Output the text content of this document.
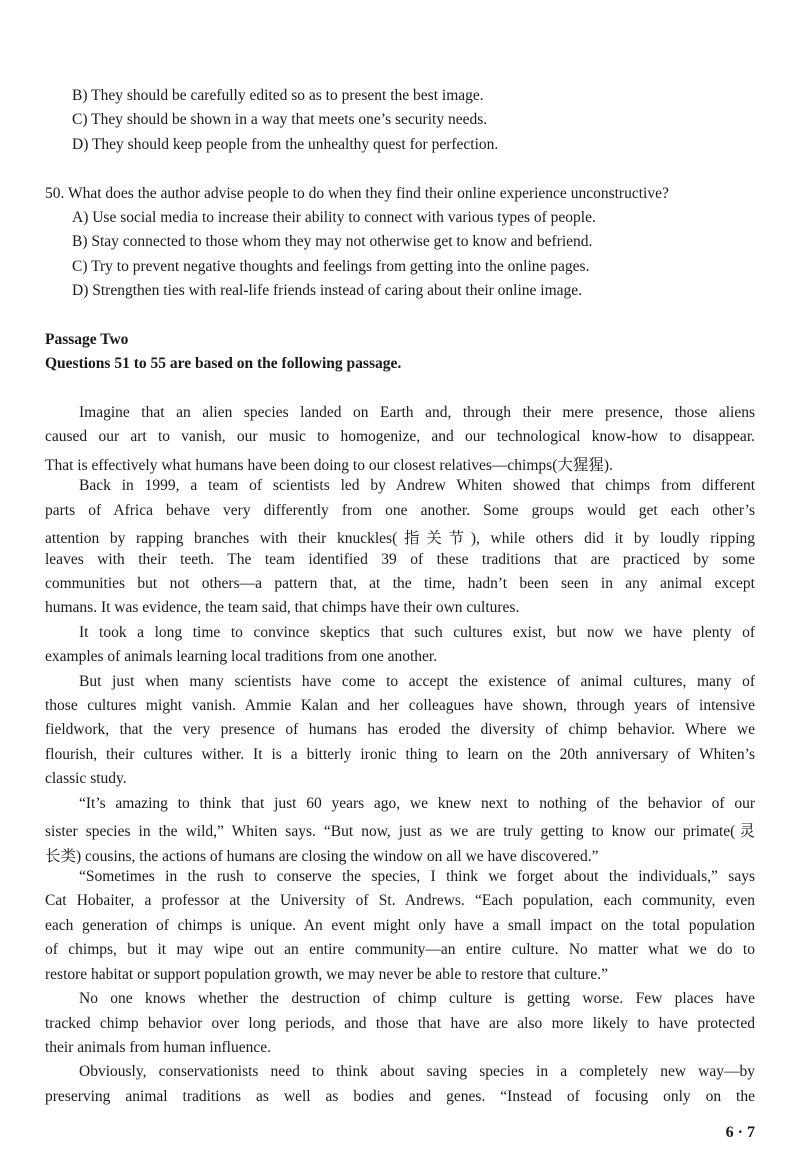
B) They should be carefully edited so as to present the best image.
C) They should be shown in a way that meets one’s security needs.
D) They should keep people from the unhealthy quest for perfection.
50. What does the author advise people to do when they find their online experience unconstructive?
A) Use social media to increase their ability to connect with various types of people.
B) Stay connected to those whom they may not otherwise get to know and befriend.
C) Try to prevent negative thoughts and feelings from getting into the online pages.
D) Strengthen ties with real-life friends instead of caring about their online image.
Passage Two
Questions 51 to 55 are based on the following passage.
Imagine that an alien species landed on Earth and, through their mere presence, those aliens
caused our art to vanish, our music to homogenize, and our technological know-how to disappear.
That is effectively what humans have been doing to our closest relatives—chimps(大猩猩).
Back in 1999, a team of scientists led by Andrew Whiten showed that chimps from different
parts of Africa behave very differently from one another. Some groups would get each other’s
attention by rapping branches with their knuckles(指关节), while others did it by loudly ripping
leaves with their teeth. The team identified 39 of these traditions that are practiced by some
communities but not others—a pattern that, at the time, hadn’t been seen in any animal except
humans. It was evidence, the team said, that chimps have their own cultures.
It took a long time to convince skeptics that such cultures exist, but now we have plenty of
examples of animals learning local traditions from one another.
But just when many scientists have come to accept the existence of animal cultures, many of
those cultures might vanish. Ammie Kalan and her colleagues have shown, through years of intensive
fieldwork, that the very presence of humans has eroded the diversity of chimp behavior. Where we
flourish, their cultures wither. It is a bitterly ironic thing to learn on the 20th anniversary of Whiten’s
classic study.
“It’s amazing to think that just 60 years ago, we knew next to nothing of the behavior of our
sister species in the wild,” Whiten says. “But now, just as we are truly getting to know our primate(灵
长类) cousins, the actions of humans are closing the window on all we have discovered.”
“Sometimes in the rush to conserve the species, I think we forget about the individuals,” says
Cat Hobaiter, a professor at the University of St. Andrews. “Each population, each community, even
each generation of chimps is unique. An event might only have a small impact on the total population
of chimps, but it may wipe out an entire community—an entire culture. No matter what we do to
restore habitat or support population growth, we may never be able to restore that culture.”
No one knows whether the destruction of chimp culture is getting worse. Few places have
tracked chimp behavior over long periods, and those that have are also more likely to have protected
their animals from human influence.
Obviously, conservationists need to think about saving species in a completely new way—by
preserving animal traditions as well as bodies and genes. “Instead of focusing only on the
6 · 7
